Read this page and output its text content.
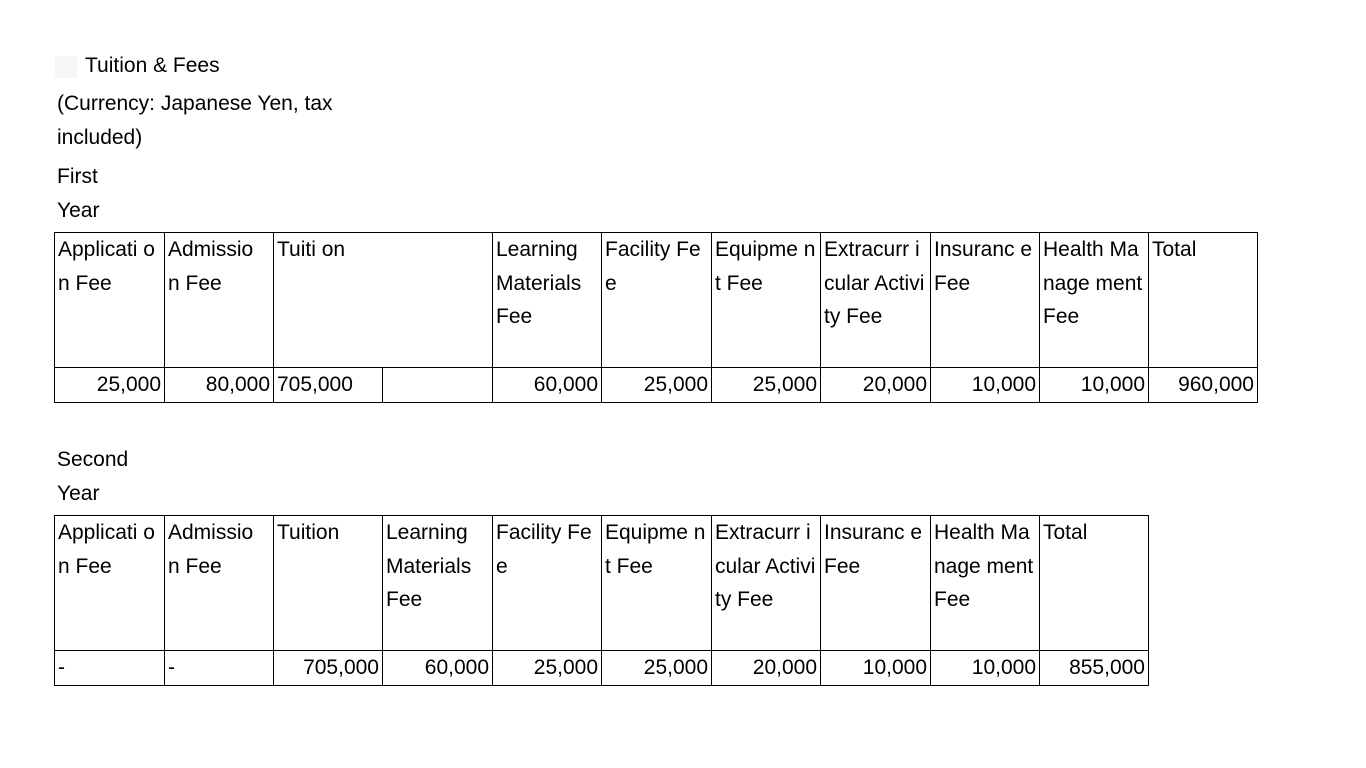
Tuition & Fees
(Currency: Japanese Yen, tax
included)
First
Year
Applicati on Fee	Admissio n Fee	Tuiti on		Learning Materials Fee	Facility Fee	Equipme nt Fee	Extracurr icular Activity Fee	Insuranc e Fee	Health Manage ment Fee	Total
25,000	80,000	705,000		60,000	25,000	25,000	20,000	10,000	10,000	960,000
Second
Year
Applicati on Fee	Admissio n Fee	Tuition	Learning Materials Fee	Facility Fee	Equipme nt Fee	Extracurr icular Activity Fee	Insuranc e Fee	Health Manage ment Fee	Total
-	-	705,000	60,000	25,000	25,000	20,000	10,000	10,000	855,000
